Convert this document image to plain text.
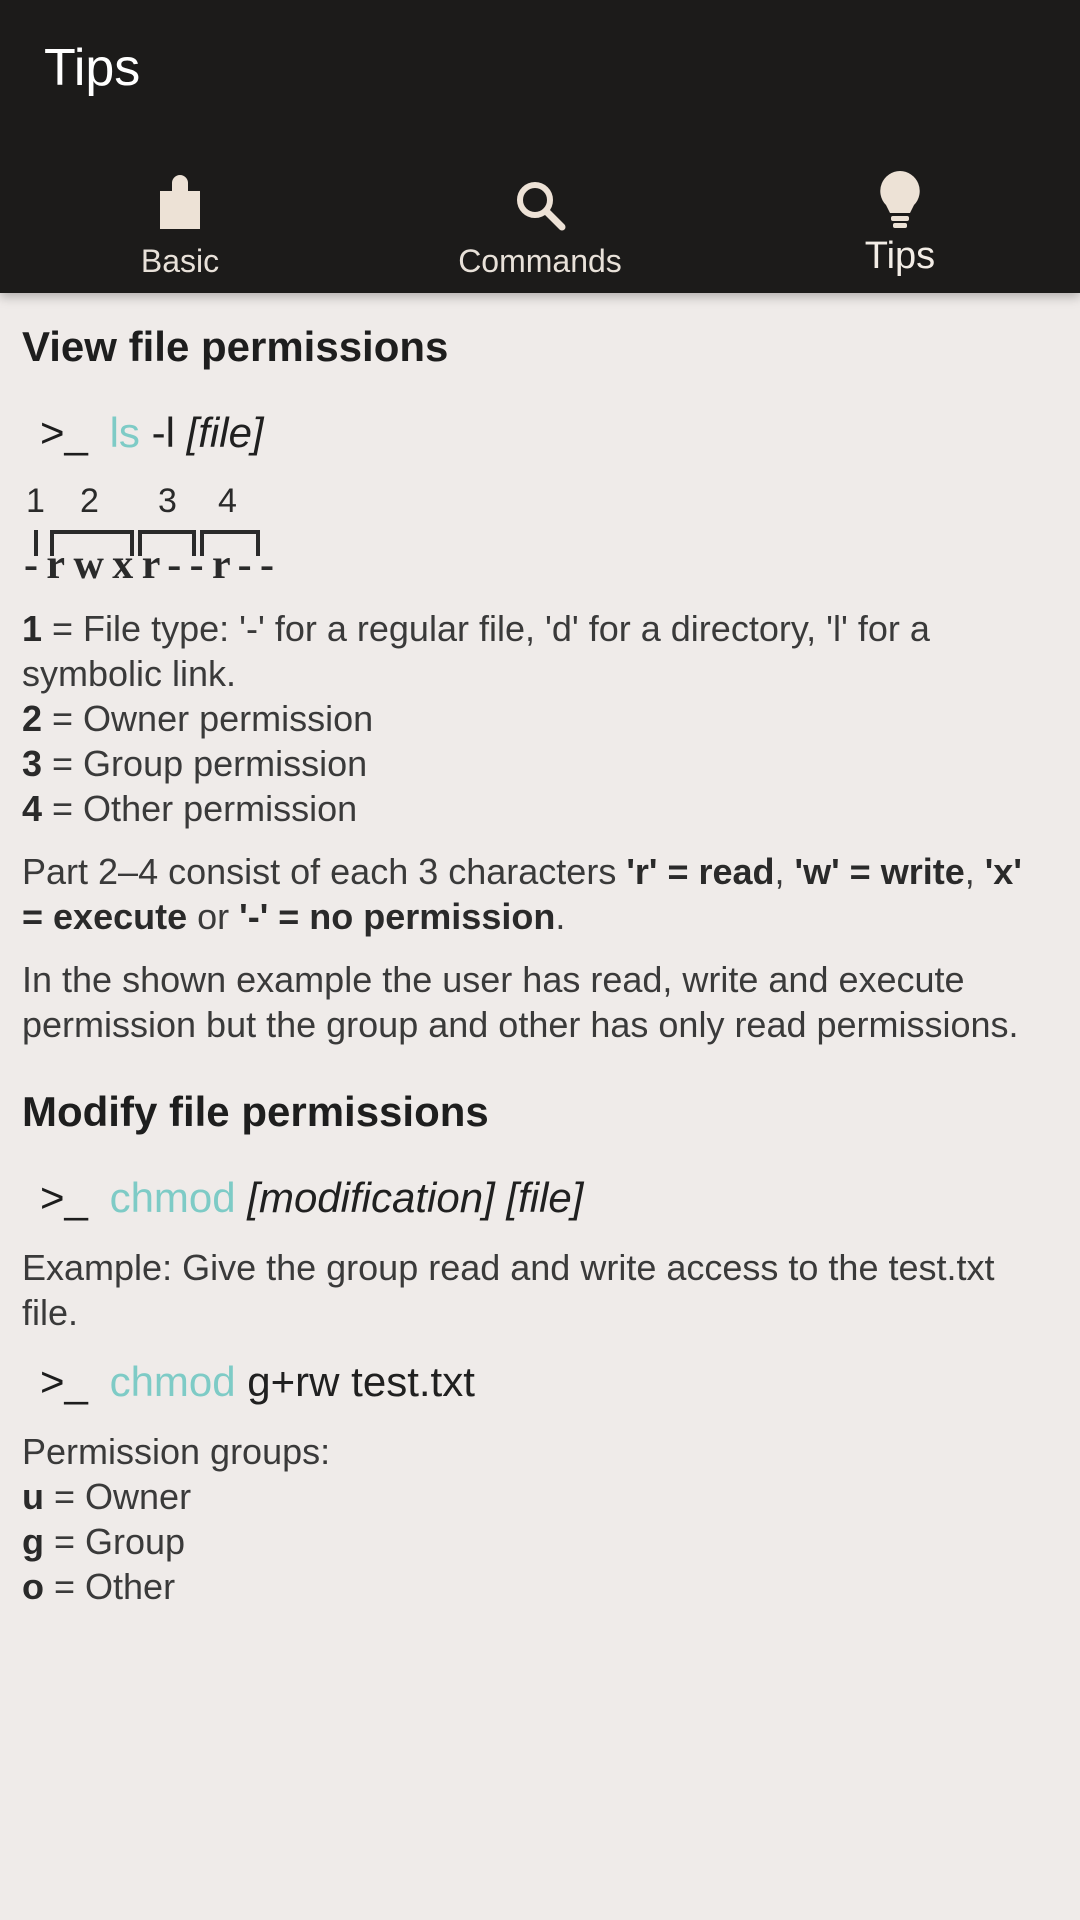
Tips
Basic	Commands	Tips
View file permissions
>_ ls -l [file]
1 2 3 4
-rwxr--r--

1 = File type: '-' for a regular file, 'd' for a directory, 'l' for a symbolic link.
2 = Owner permission
3 = Group permission
4 = Other permission

Part 2–4 consist of each 3 characters 'r' = read, 'w' = write, 'x' = execute or '-' = no permission.

In the shown example the user has read, write and execute permission but the group and other has only read permissions.

Modify file permissions
>_ chmod [modification] [file]

Example: Give the group read and write access to the test.txt file.

>_ chmod g+rw test.txt

Permission groups:
u = Owner
g = Group
o = Other
